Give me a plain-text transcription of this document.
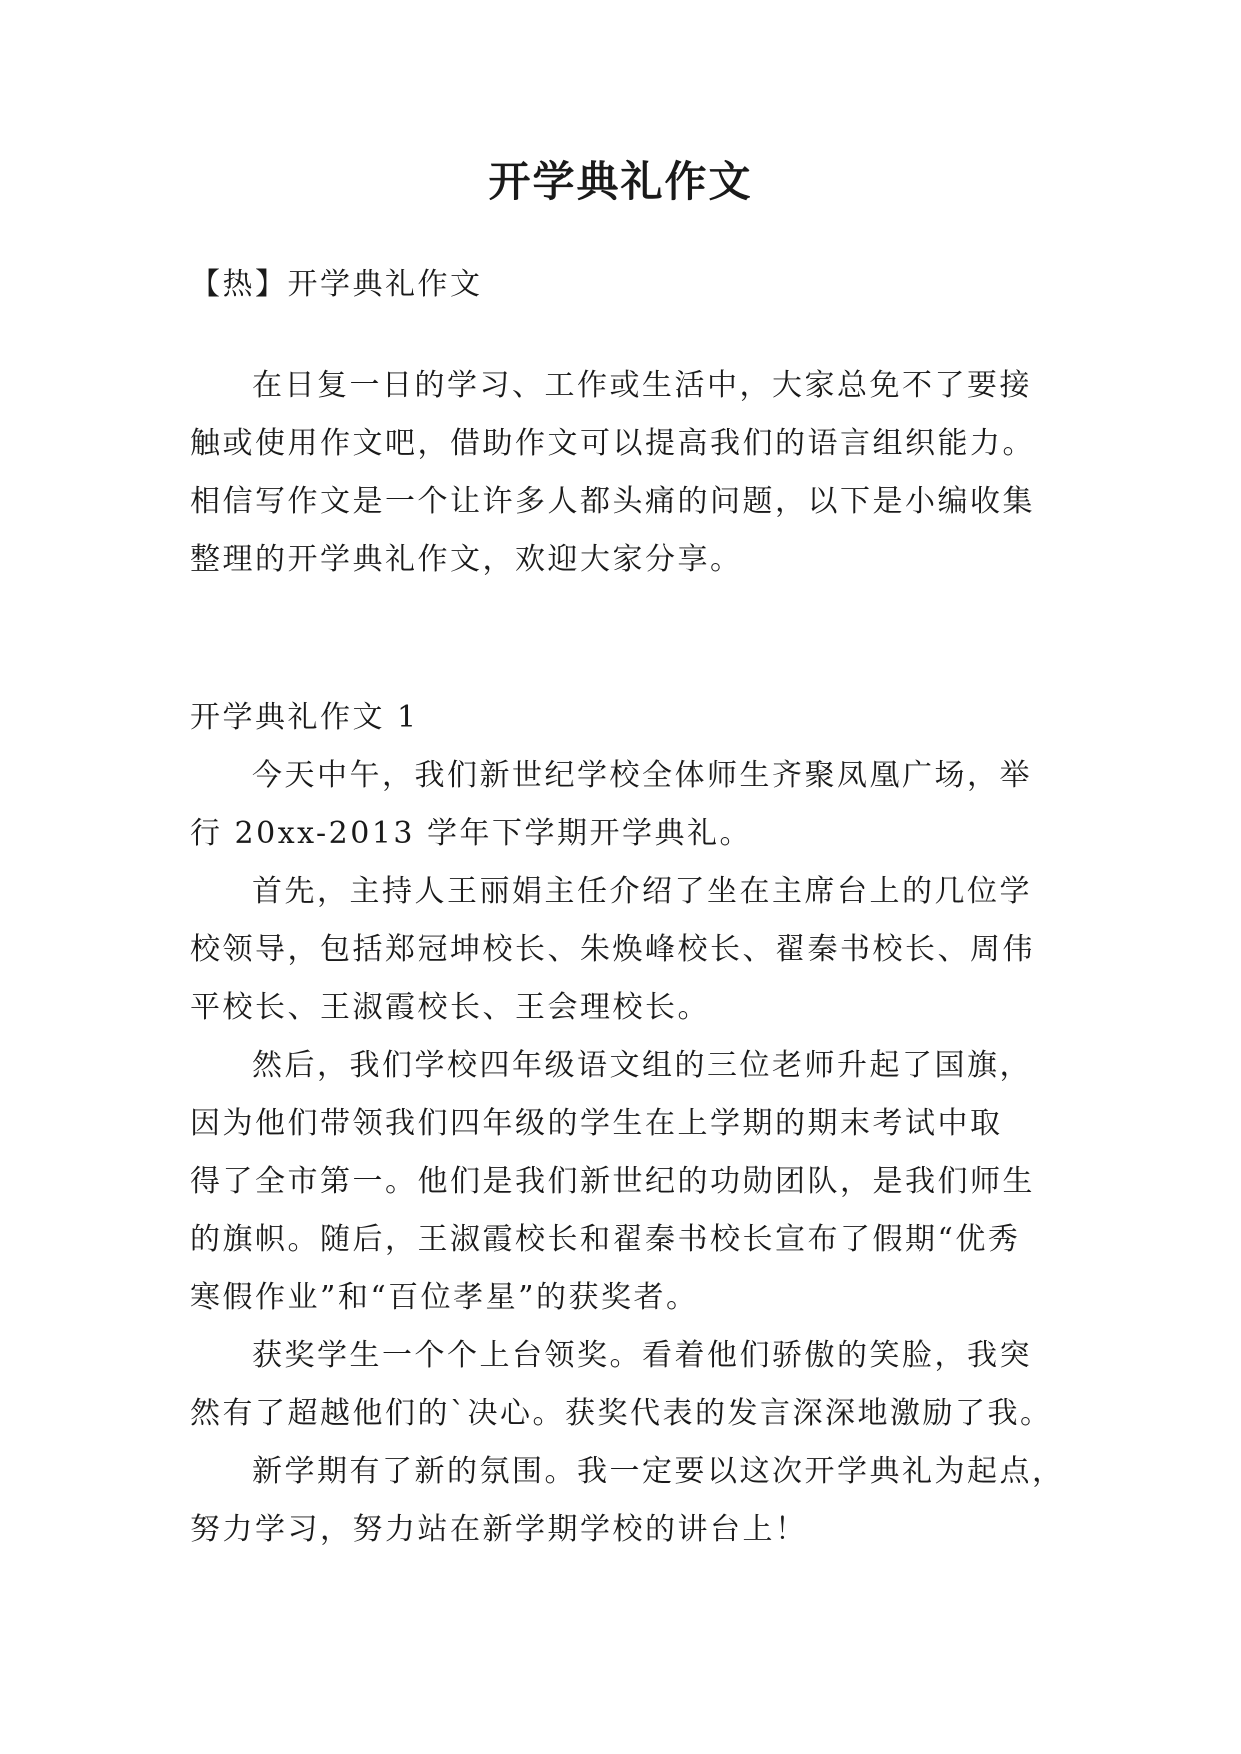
开学典礼作文
【热】开学典礼作文
在日复一日的学习、工作或生活中，大家总免不了要接
触或使用作文吧，借助作文可以提高我们的语言组织能力。
相信写作文是一个让许多人都头痛的问题，以下是小编收集
整理的开学典礼作文，欢迎大家分享。
开学典礼作文 1
今天中午，我们新世纪学校全体师生齐聚凤凰广场，举
行 20xx-2013 学年下学期开学典礼。
首先，主持人王丽娟主任介绍了坐在主席台上的几位学
校领导，包括郑冠坤校长、朱焕峰校长、翟秦书校长、周伟
平校长、王淑霞校长、王会理校长。
然后，我们学校四年级语文组的三位老师升起了国旗，
因为他们带领我们四年级的学生在上学期的期末考试中取
得了全市第一。他们是我们新世纪的功勋团队，是我们师生
的旗帜。随后，王淑霞校长和翟秦书校长宣布了假期“优秀
寒假作业”和“百位孝星”的获奖者。
获奖学生一个个上台领奖。看着他们骄傲的笑脸，我突
然有了超越他们的`决心。获奖代表的发言深深地激励了我。
新学期有了新的氛围。我一定要以这次开学典礼为起点，
努力学习，努力站在新学期学校的讲台上！
